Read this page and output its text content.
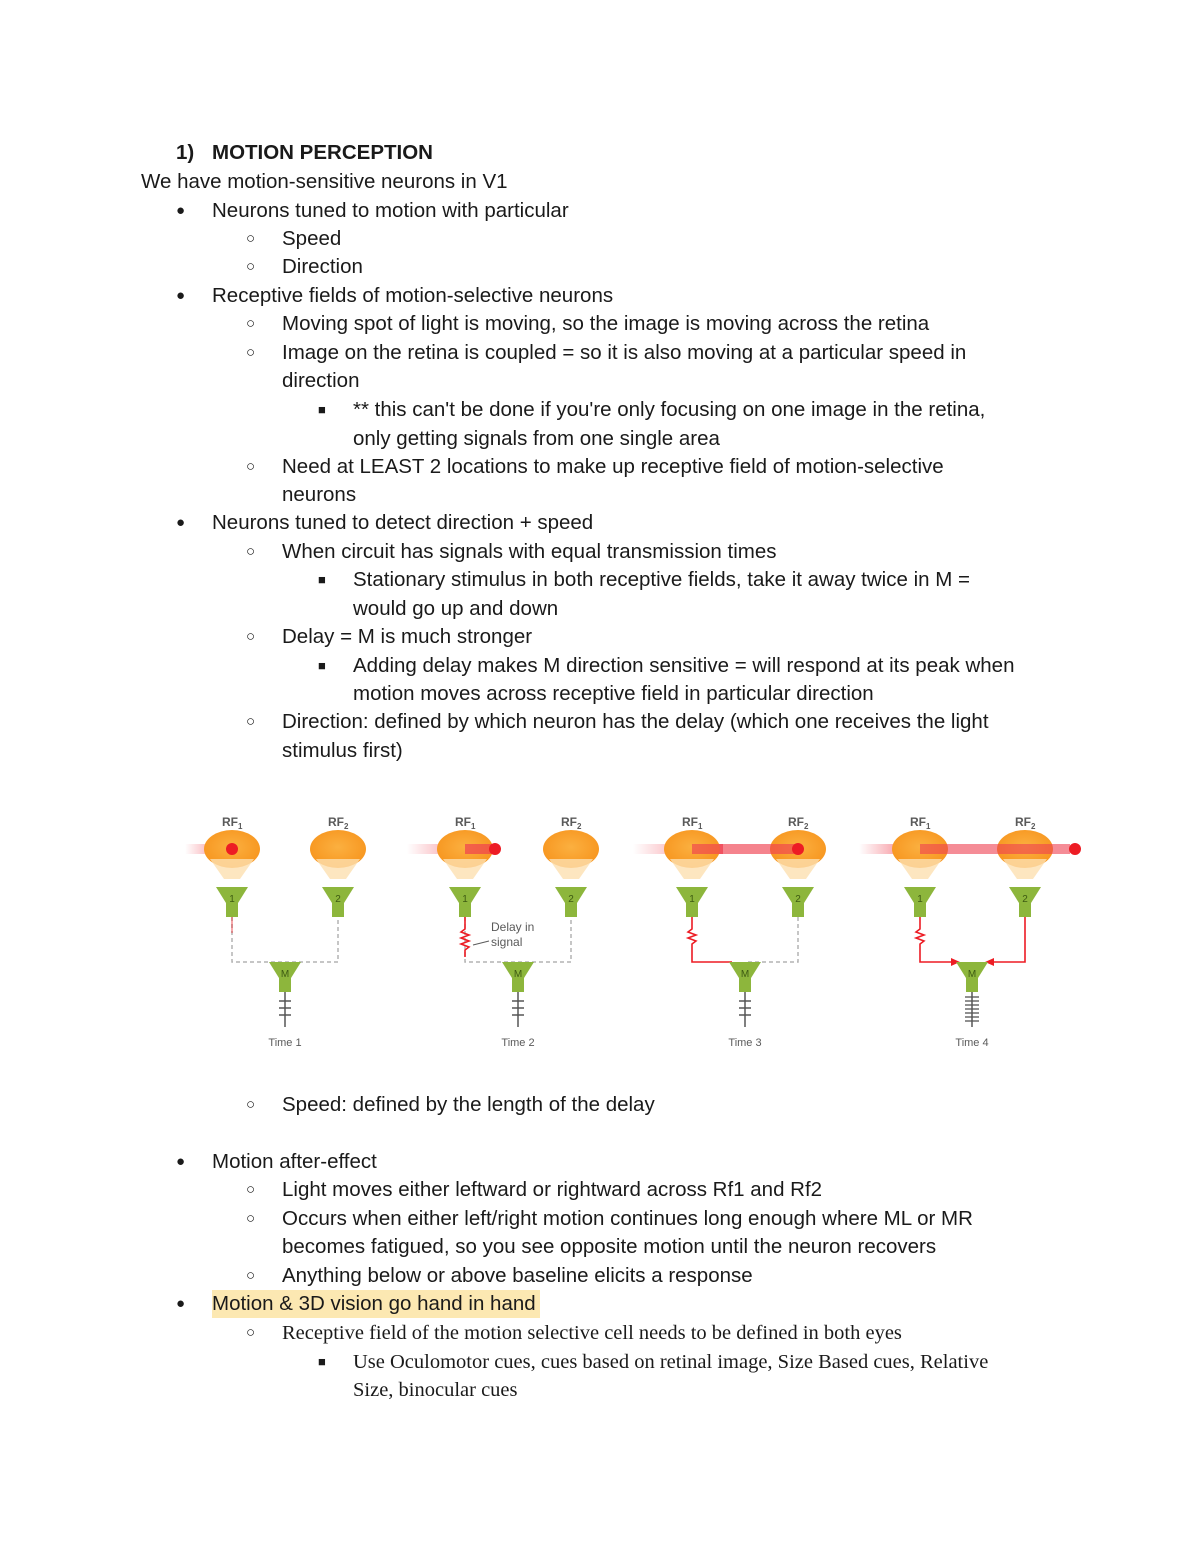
1) MOTION PERCEPTION
We have motion-sensitive neurons in V1
● Neurons tuned to motion with particular
○ Speed
○ Direction
● Receptive fields of motion-selective neurons
○ Moving spot of light is moving, so the image is moving across the retina
○ Image on the retina is coupled = so it is also moving at a particular speed in
direction
■ ** this can't be done if you're only focusing on one image in the retina,
only getting signals from one single area
○ Need at LEAST 2 locations to make up receptive field of motion-selective
neurons
● Neurons tuned to detect direction + speed
○ When circuit has signals with equal transmission times
■ Stationary stimulus in both receptive fields, take it away twice in M =
would go up and down
○ Delay = M is much stronger
■ Adding delay makes M direction sensitive = will respond at its peak when
motion moves across receptive field in particular direction
○ Direction: defined by which neuron has the delay (which one receives the light
stimulus first)
$RF_1$	$RF_2$
1	2
M
Time 1
$RF_1$	$RF_2$
1	2
Delay in
signal
M
Time 2
$RF_1$	$RF_2$
1	2
M
Time 3
$RF_1$	$RF_2$
1	2
M
Time 4
○ Speed: defined by the length of the delay
● Motion after-effect
○ Light moves either leftward or rightward across Rf1 and Rf2
○ Occurs when either left/right motion continues long enough where ML or MR
becomes fatigued, so you see opposite motion until the neuron recovers
○ Anything below or above baseline elicits a response
● Motion & 3D vision go hand in hand
○ Receptive field of the motion selective cell needs to be defined in both eyes
■ Use Oculomotor cues, cues based on retinal image, Size Based cues, Relative
Size, binocular cues
